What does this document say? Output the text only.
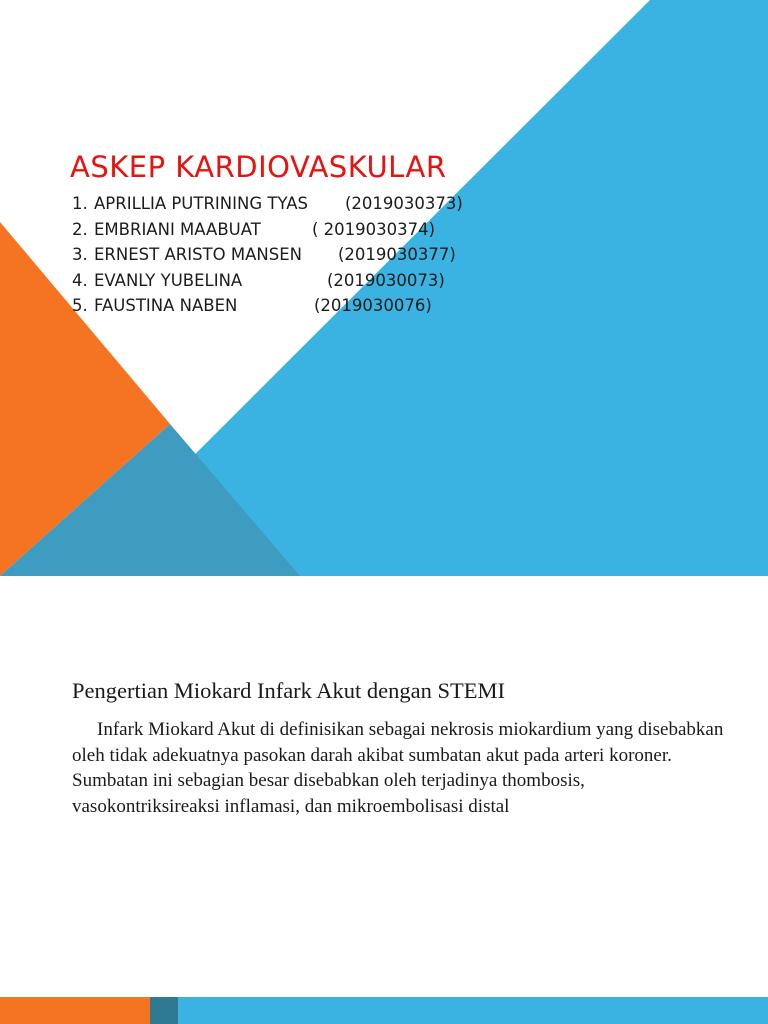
ASKEP KARDIOVASKULAR
1. APRILLIA PUTRINING TYAS (2019030373)
2. EMBRIANI MAABUAT	( 2019030374)
3. ERNEST ARISTO MANSEN (2019030377)
4. EVANLY YUBELINA	(2019030073)
5. FAUSTINA NABEN	(2019030076)
Pengertian Miokard Infark Akut dengan STEMI

Infark Miokard Akut di definisikan sebagai nekrosis miokardium yang disebabkan oleh tidak adekuatnya pasokan darah akibat sumbatan akut pada arteri koroner. Sumbatan ini sebagian besar disebabkan oleh terjadinya thombosis, vasokontriksireaksi inflamasi, dan mikroembolisasi distal
